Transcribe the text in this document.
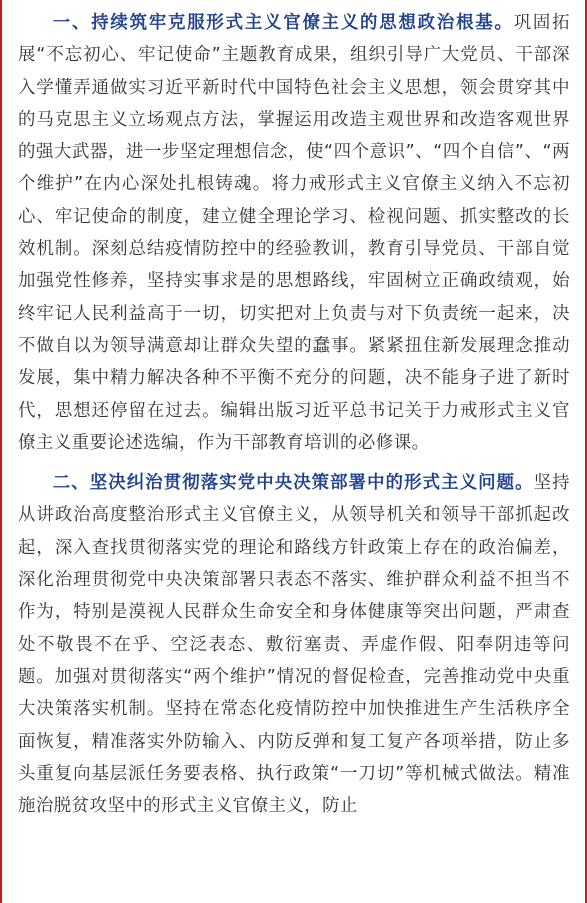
一、持续筑牢克服形式主义官僚主义的思想政治根基。巩固拓展“不忘初心、牢记使命”主题教育成果，组织引导广大党员、干部深入学懂弄通做实习近平新时代中国特色社会主义思想，领会贯穿其中的马克思主义立场观点方法，掌握运用改造主观世界和改造客观世界的强大武器，进一步坚定理想信念，使“四个意识”、“四个自信”、“两个维护”在内心深处扎根铸魂。将力戒形式主义官僚主义纳入不忘初心、牢记使命的制度，建立健全理论学习、检视问题、抓实整改的长效机制。深刻总结疫情防控中的经验教训，教育引导党员、干部自觉加强党性修养，坚持实事求是的思想路线，牢固树立正确政绩观，始终牢记人民利益高于一切，切实把对上负责与对下负责统一起来，决不做自以为领导满意却让群众失望的蠢事。紧紧扭住新发展理念推动发展，集中精力解决各种不平衡不充分的问题，决不能身子进了新时代，思想还停留在过去。编辑出版习近平总书记关于力戒形式主义官僚主义重要论述选编，作为干部教育培训的必修课。

二、坚决纠治贯彻落实党中央决策部署中的形式主义问题。坚持从讲政治高度整治形式主义官僚主义，从领导机关和领导干部抓起改起，深入查找贯彻落实党的理论和路线方针政策上存在的政治偏差，深化治理贯彻党中央决策部署只表态不落实、维护群众利益不担当不作为，特别是漠视人民群众生命安全和身体健康等突出问题，严肃查处不敬畏不在乎、空泛表态、敷衍塞责、弄虚作假、阳奉阴违等问题。加强对贯彻落实“两个维护”情况的督促检查，完善推动党中央重大决策落实机制。坚持在常态化疫情防控中加快推进生产生活秩序全面恢复，精准落实外防输入、内防反弹和复工复产各项举措，防止多头重复向基层派任务要表格、执行政策“一刀切”等机械式做法。精准施治脱贫攻坚中的形式主义官僚主义，防止
